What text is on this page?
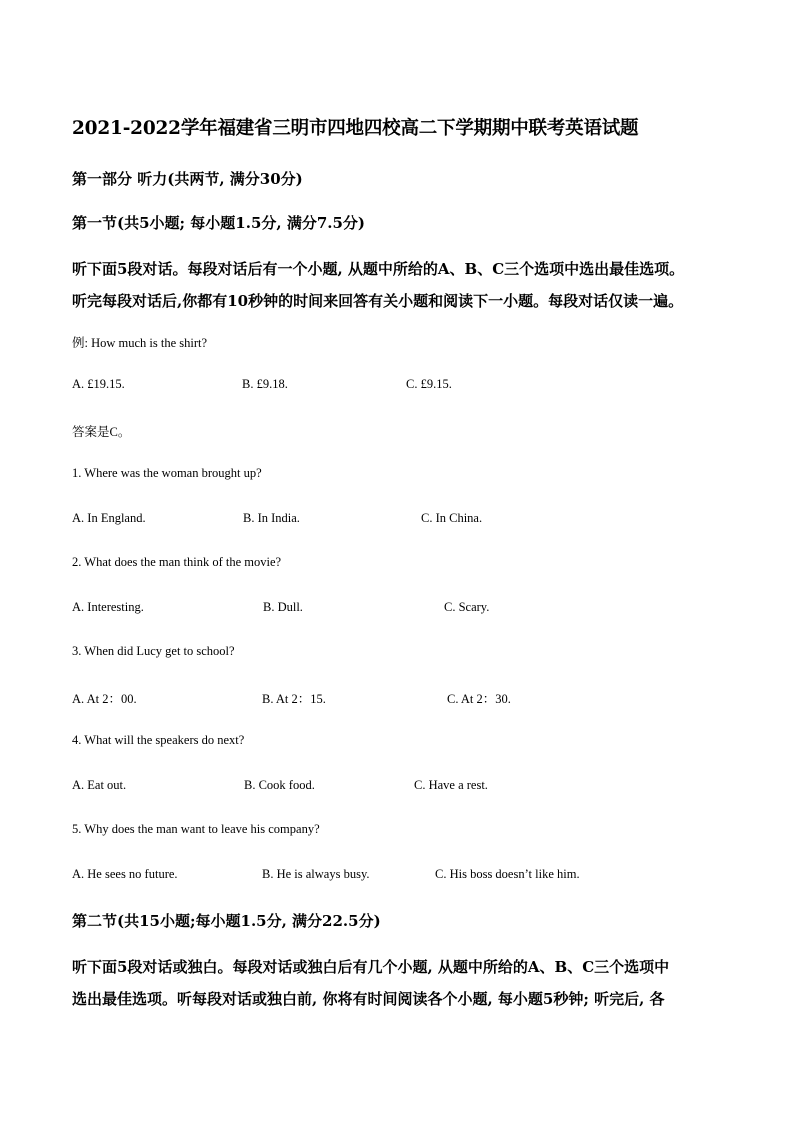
2021-2022学年福建省三明市四地四校高二下学期期中联考英语试题
第一部分 听力(共两节, 满分30分)
第一节(共5小题; 每小题1.5分, 满分7.5分)
听下面5段对话。每段对话后有一个小题, 从题中所给的A、B、C三个选项中选出最佳选项。
听完每段对话后,你都有10秒钟的时间来回答有关小题和阅读下一小题。每段对话仅读一遍。
例: How much is the shirt?
A. £19.15.	B. £9.18.	C. £9.15.
答案是C。
1. Where was the woman brought up?
A. In England.	B. In India.	C. In China.
2. What does the man think of the movie?
A. Interesting.	B. Dull.	C. Scary.
3. When did Lucy get to school?
A. At 2：00.	B. At 2：15.	C. At 2：30.
4. What will the speakers do next?
A. Eat out.	B. Cook food.	C. Have a rest.
5. Why does the man want to leave his company?
A. He sees no future.	B. He is always busy.	C. His boss doesn’t like him.
第二节(共15小题;每小题1.5分, 满分22.5分)
听下面5段对话或独白。每段对话或独白后有几个小题, 从题中所给的A、B、C三个选项中
选出最佳选项。听每段对话或独白前, 你将有时间阅读各个小题, 每小题5秒钟; 听完后, 各
